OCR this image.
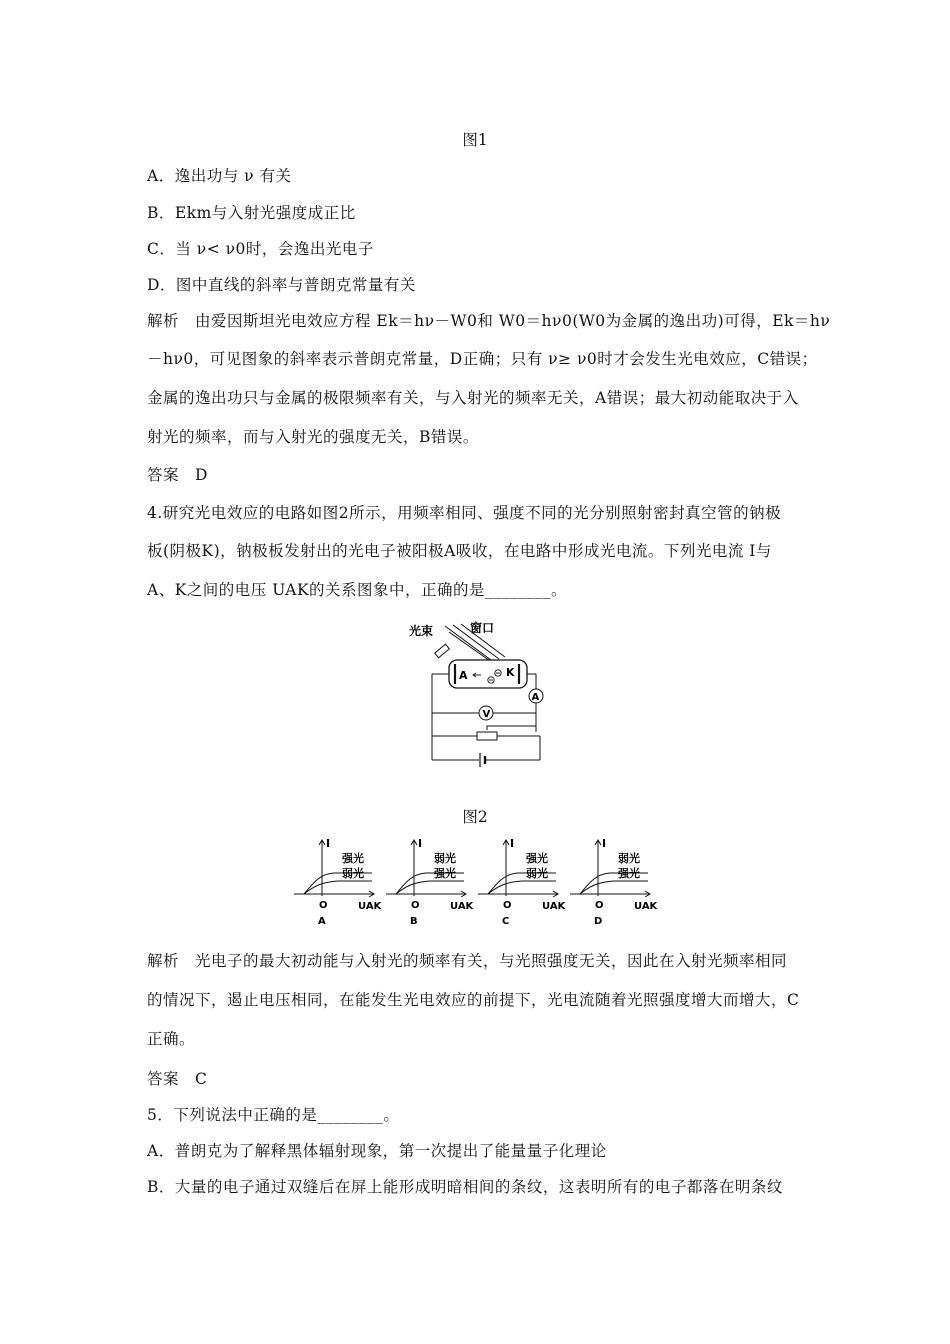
图1
A．逸出功与 ν 有关
B．Ekm与入射光强度成正比
C．当 ν< ν0时，会逸出光电子
D．图中直线的斜率与普朗克常量有关
解析　由爱因斯坦光电效应方程 Ek＝hν－W0和 W0＝hν0(W0为金属的逸出功)可得，Ek＝hν
－hν0，可见图象的斜率表示普朗克常量，D正确；只有 ν≥ ν0时才会发生光电效应，C错误；
金属的逸出功只与金属的极限频率有关，与入射光的频率无关，A错误；最大初动能取决于入
射光的频率，而与入射光的强度无关，B错误。
答案　D
4.研究光电效应的电路如图2所示，用频率相同、强度不同的光分别照射密封真空管的钠极
板(阴极K)，钠极板发射出的光电子被阳极A吸收，在电路中形成光电流。下列光电流 I与
A、K之间的电压 UAK的关系图象中，正确的是________。
光束	窗口
A	K
A
V
图2
I
O	UAK
A
强光
弱光
I
O	UAK
B
弱光
强光
I
O	UAK
C
强光
弱光
I
O	UAK
D
弱光
强光
解析　光电子的最大初动能与入射光的频率有关，与光照强度无关，因此在入射光频率相同
的情况下，遏止电压相同，在能发生光电效应的前提下，光电流随着光照强度增大而增大，C
正确。
答案　C
5．下列说法中正确的是________。
A．普朗克为了解释黑体辐射现象，第一次提出了能量量子化理论
B．大量的电子通过双缝后在屏上能形成明暗相间的条纹，这表明所有的电子都落在明条纹
